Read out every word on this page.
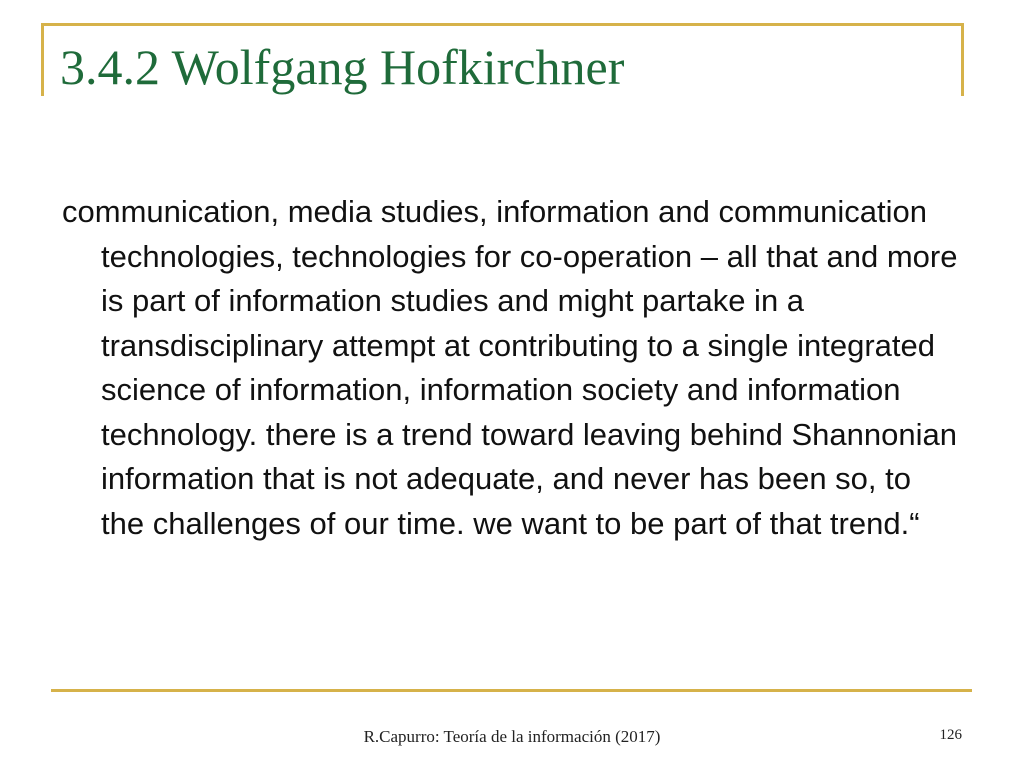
3.4.2 Wolfgang Hofkirchner

communication, media studies, information and communication technologies, technologies for co-operation – all that and more is part of information studies and might partake in a transdisciplinary attempt at contributing to a single integrated science of information, information society and information technology. there is a trend toward leaving behind Shannonian information that is not adequate, and never has been so, to the challenges of our time. we want to be part of that trend.“

R.Capurro: Teoría de la información (2017)	126
